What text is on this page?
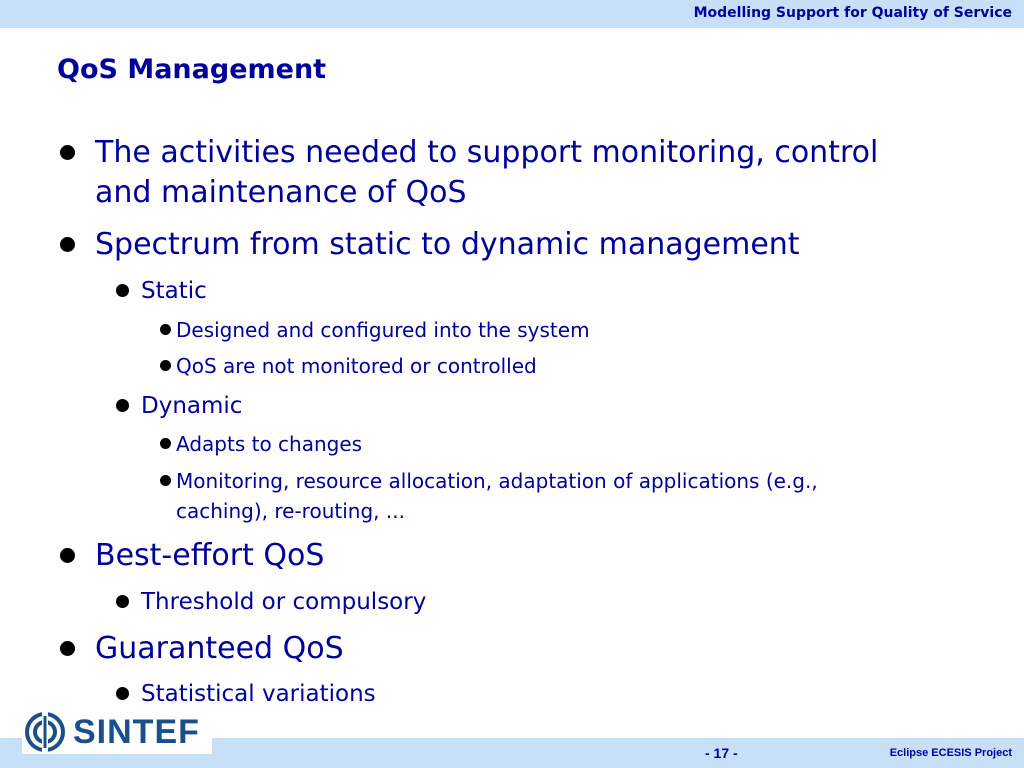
Modelling Support for Quality of Service
QoS Management
The activities needed to support monitoring, control
and maintenance of QoS
Spectrum from static to dynamic management
Static
Designed and configured into the system
QoS are not monitored or controlled
Dynamic
Adapts to changes
Monitoring, resource allocation, adaptation of applications (e.g.,
caching), re-routing, ...
Best-effort QoS
Threshold or compulsory
Guaranteed QoS
Statistical variations
SINTEF
- 17 -	Eclipse ECESIS Project
